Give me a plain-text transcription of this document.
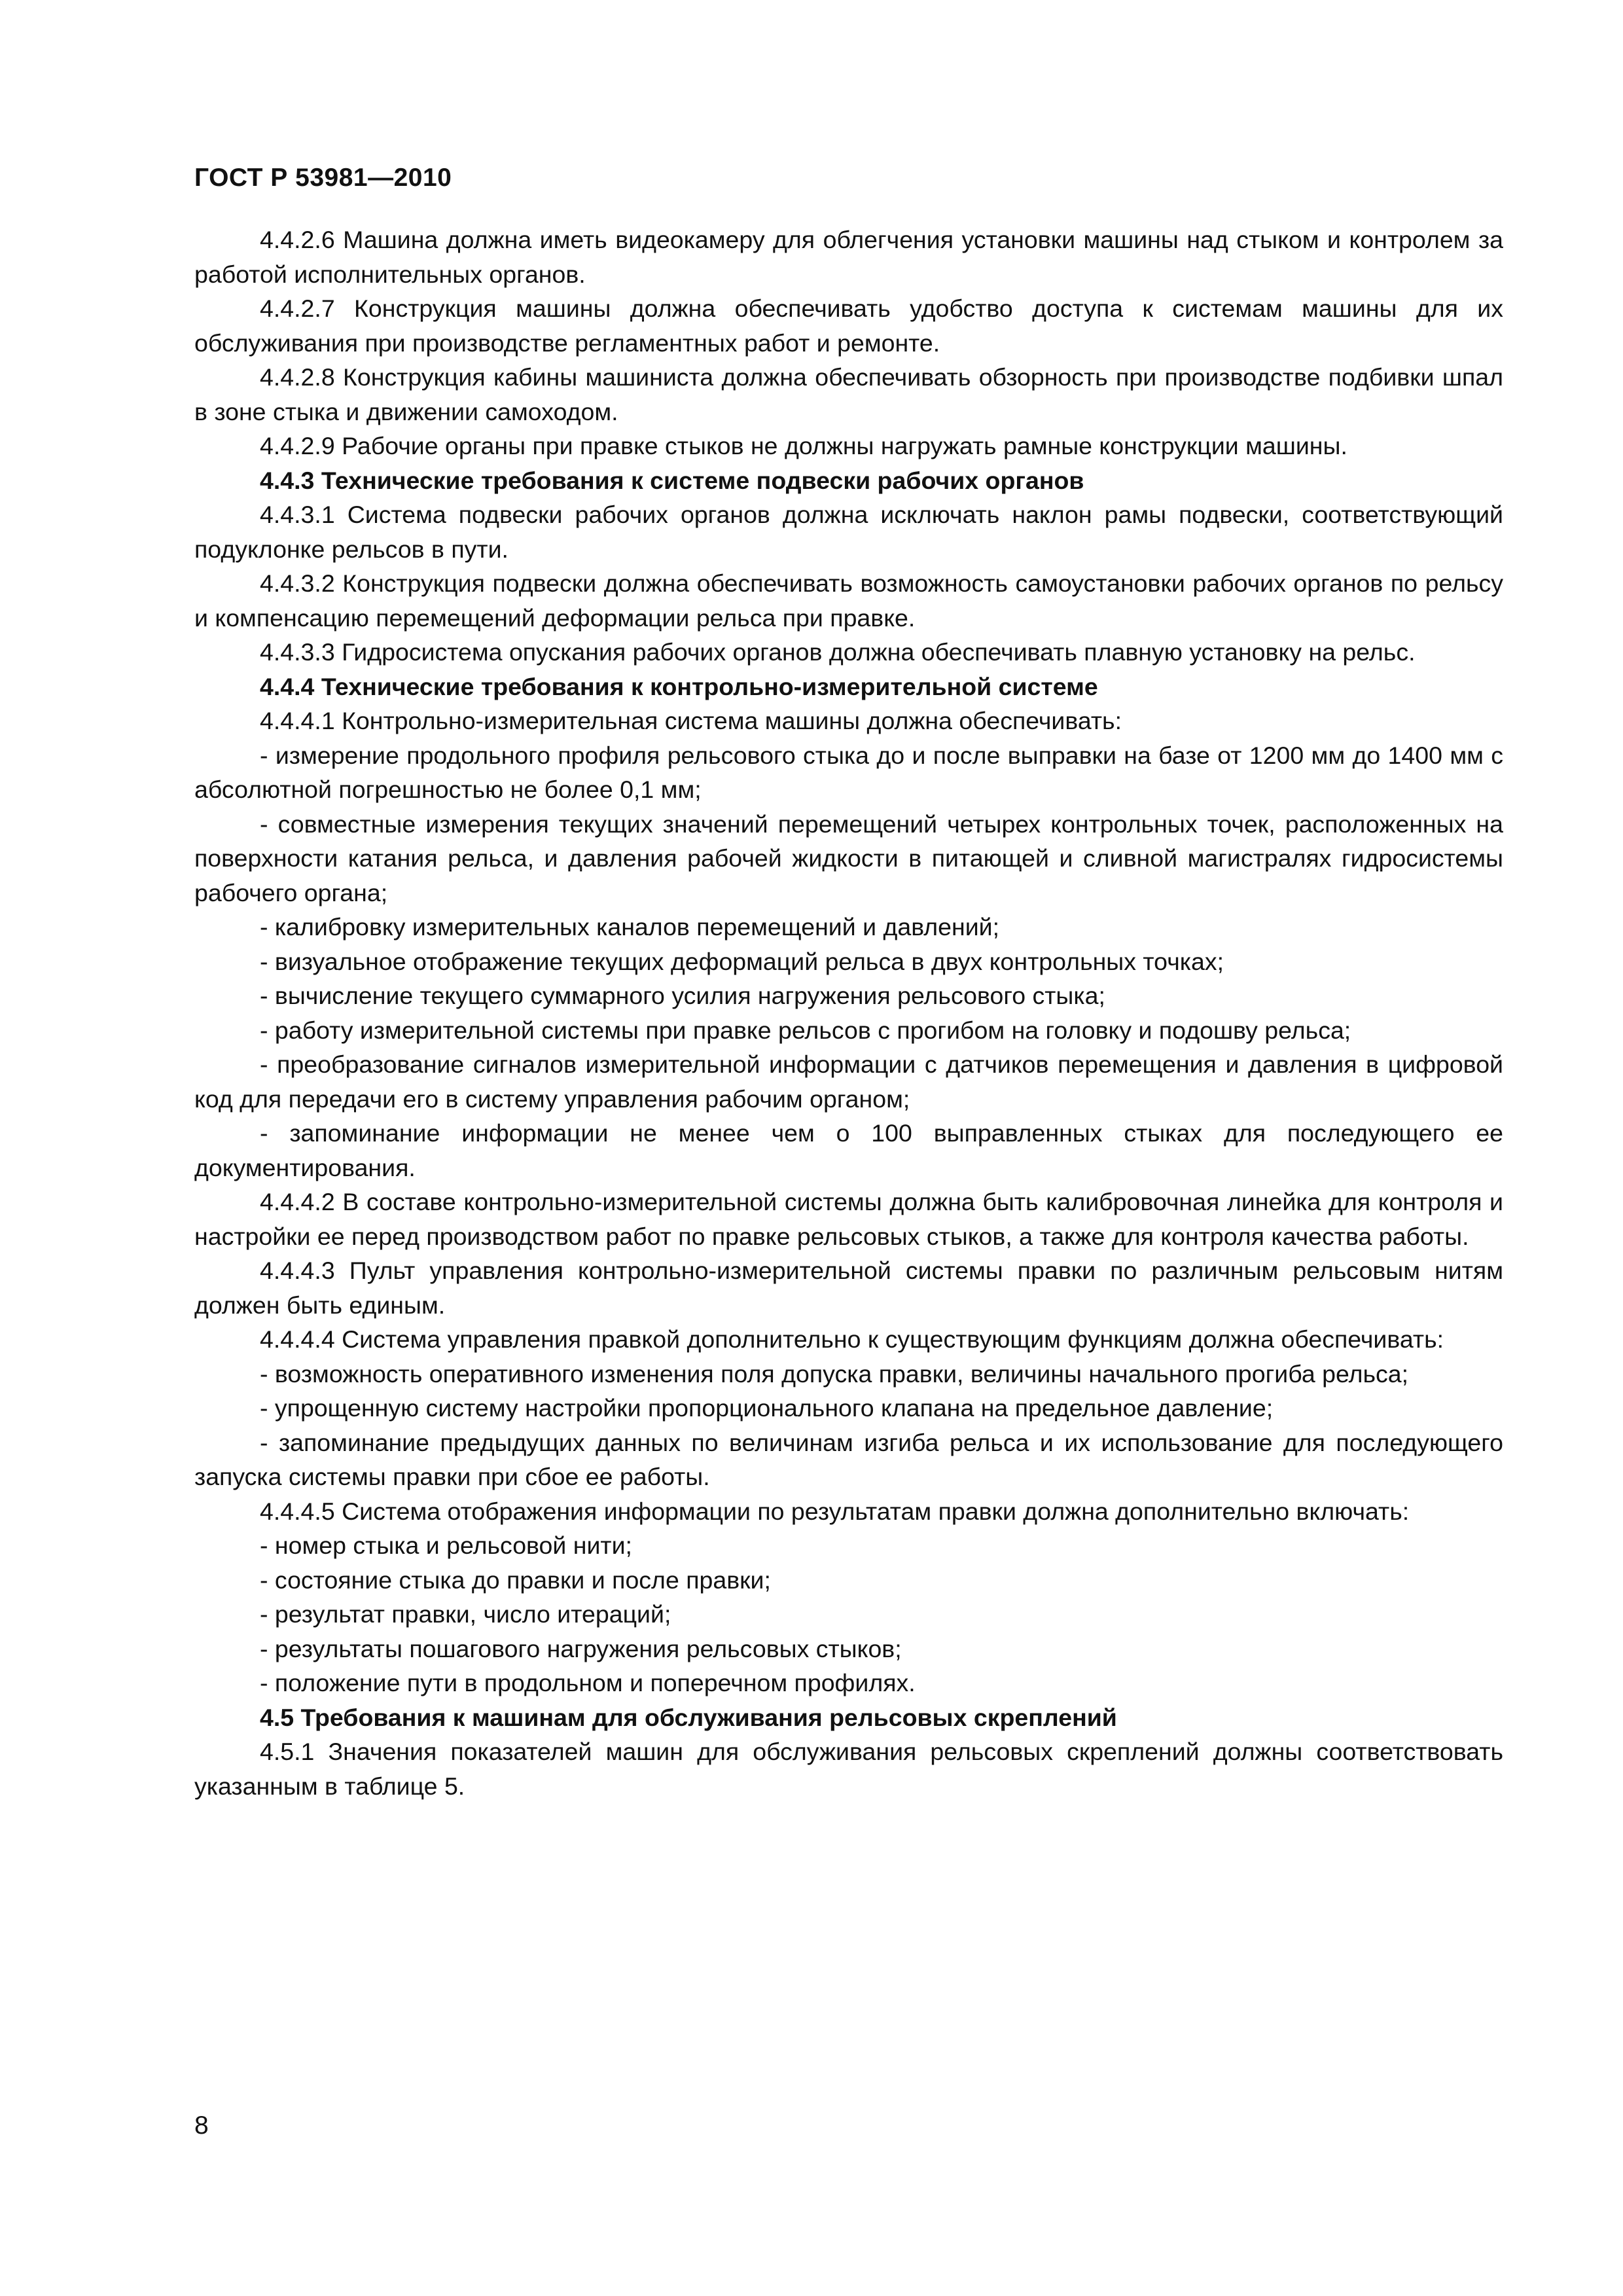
ГОСТ Р 53981—2010

4.4.2.6 Машина должна иметь видеокамеру для облегчения установки машины над стыком и контролем за работой исполнительных органов.

4.4.2.7 Конструкция машины должна обеспечивать удобство доступа к системам машины для их обслуживания при производстве регламентных работ и ремонте.

4.4.2.8 Конструкция кабины машиниста должна обеспечивать обзорность при производстве подбивки шпал в зоне стыка и движении самоходом.

4.4.2.9 Рабочие органы при правке стыков не должны нагружать рамные конструкции машины.

4.4.3 Технические требования к системе подвески рабочих органов

4.4.3.1 Система подвески рабочих органов должна исключать наклон рамы подвески, соответствующий подуклонке рельсов в пути.

4.4.3.2 Конструкция подвески должна обеспечивать возможность самоустановки рабочих органов по рельсу и компенсацию перемещений деформации рельса при правке.

4.4.3.3 Гидросистема опускания рабочих органов должна обеспечивать плавную установку на рельс.

4.4.4 Технические требования к контрольно-измерительной системе

4.4.4.1 Контрольно-измерительная система машины должна обеспечивать:

- измерение продольного профиля рельсового стыка до и после выправки на базе от 1200 мм до 1400 мм с абсолютной погрешностью не более 0,1 мм;

- совместные измерения текущих значений перемещений четырех контрольных точек, расположенных на поверхности катания рельса, и давления рабочей жидкости в питающей и сливной магистралях гидросистемы рабочего органа;

- калибровку измерительных каналов перемещений и давлений;

- визуальное отображение текущих деформаций рельса в двух контрольных точках;

- вычисление текущего суммарного усилия нагружения рельсового стыка;

- работу измерительной системы при правке рельсов с прогибом на головку и подошву рельса;

- преобразование сигналов измерительной информации с датчиков перемещения и давления в цифровой код для передачи его в систему управления рабочим органом;

- запоминание информации не менее чем о 100 выправленных стыках для последующего ее документирования.

4.4.4.2 В составе контрольно-измерительной системы должна быть калибровочная линейка для контроля и настройки ее перед производством работ по правке рельсовых стыков, а также для контроля качества работы.

4.4.4.3 Пульт управления контрольно-измерительной системы правки по различным рельсовым нитям должен быть единым.

4.4.4.4 Система управления правкой дополнительно к существующим функциям должна обеспечивать:

- возможность оперативного изменения поля допуска правки, величины начального прогиба рельса;

- упрощенную систему настройки пропорционального клапана на предельное давление;

- запоминание предыдущих данных по величинам изгиба рельса и их использование для последующего запуска системы правки при сбое ее работы.

4.4.4.5 Система отображения информации по результатам правки должна дополнительно включать:

- номер стыка и рельсовой нити;

- состояние стыка до правки и после правки;

- результат правки, число итераций;

- результаты пошагового нагружения рельсовых стыков;

- положение пути в продольном и поперечном профилях.

4.5 Требования к машинам для обслуживания рельсовых скреплений

4.5.1 Значения показателей машин для обслуживания рельсовых скреплений должны соответствовать указанным в таблице 5.

8
